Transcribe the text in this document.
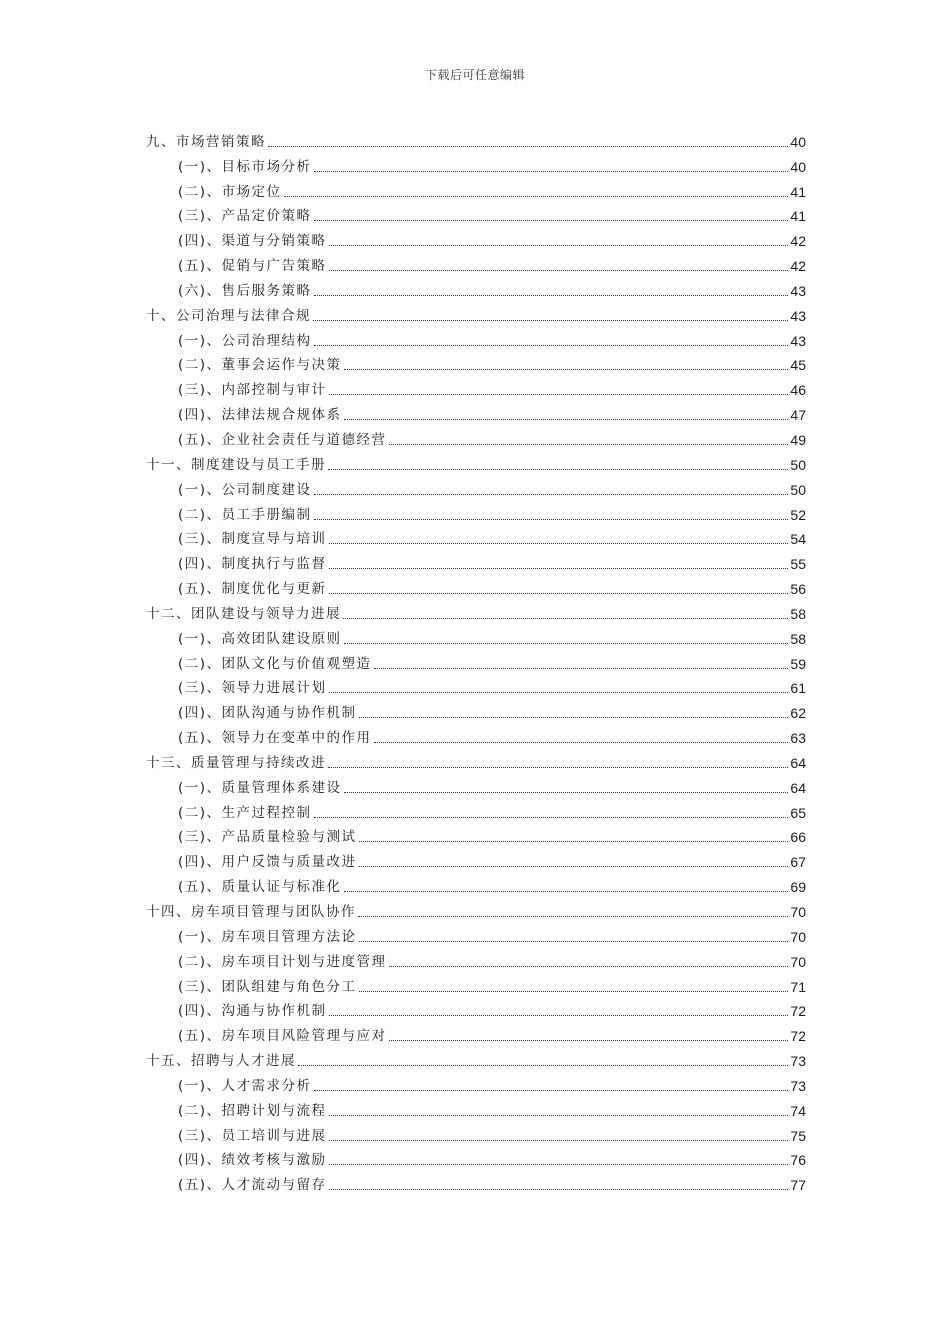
下载后可任意编辑
九、市场营销策略	40
(一)、目标市场分析	40
(二)、市场定位	41
(三)、产品定价策略	41
(四)、渠道与分销策略	42
(五)、促销与广告策略	42
(六)、售后服务策略	43
十、公司治理与法律合规	43
(一)、公司治理结构	43
(二)、董事会运作与决策	45
(三)、内部控制与审计	46
(四)、法律法规合规体系	47
(五)、企业社会责任与道德经营	49
十一、制度建设与员工手册	50
(一)、公司制度建设	50
(二)、员工手册编制	52
(三)、制度宣导与培训	54
(四)、制度执行与监督	55
(五)、制度优化与更新	56
十二、团队建设与领导力进展	58
(一)、高效团队建设原则	58
(二)、团队文化与价值观塑造	59
(三)、领导力进展计划	61
(四)、团队沟通与协作机制	62
(五)、领导力在变革中的作用	63
十三、质量管理与持续改进	64
(一)、质量管理体系建设	64
(二)、生产过程控制	65
(三)、产品质量检验与测试	66
(四)、用户反馈与质量改进	67
(五)、质量认证与标准化	69
十四、房车项目管理与团队协作	70
(一)、房车项目管理方法论	70
(二)、房车项目计划与进度管理	70
(三)、团队组建与角色分工	71
(四)、沟通与协作机制	72
(五)、房车项目风险管理与应对	72
十五、招聘与人才进展	73
(一)、人才需求分析	73
(二)、招聘计划与流程	74
(三)、员工培训与进展	75
(四)、绩效考核与激励	76
(五)、人才流动与留存	77
